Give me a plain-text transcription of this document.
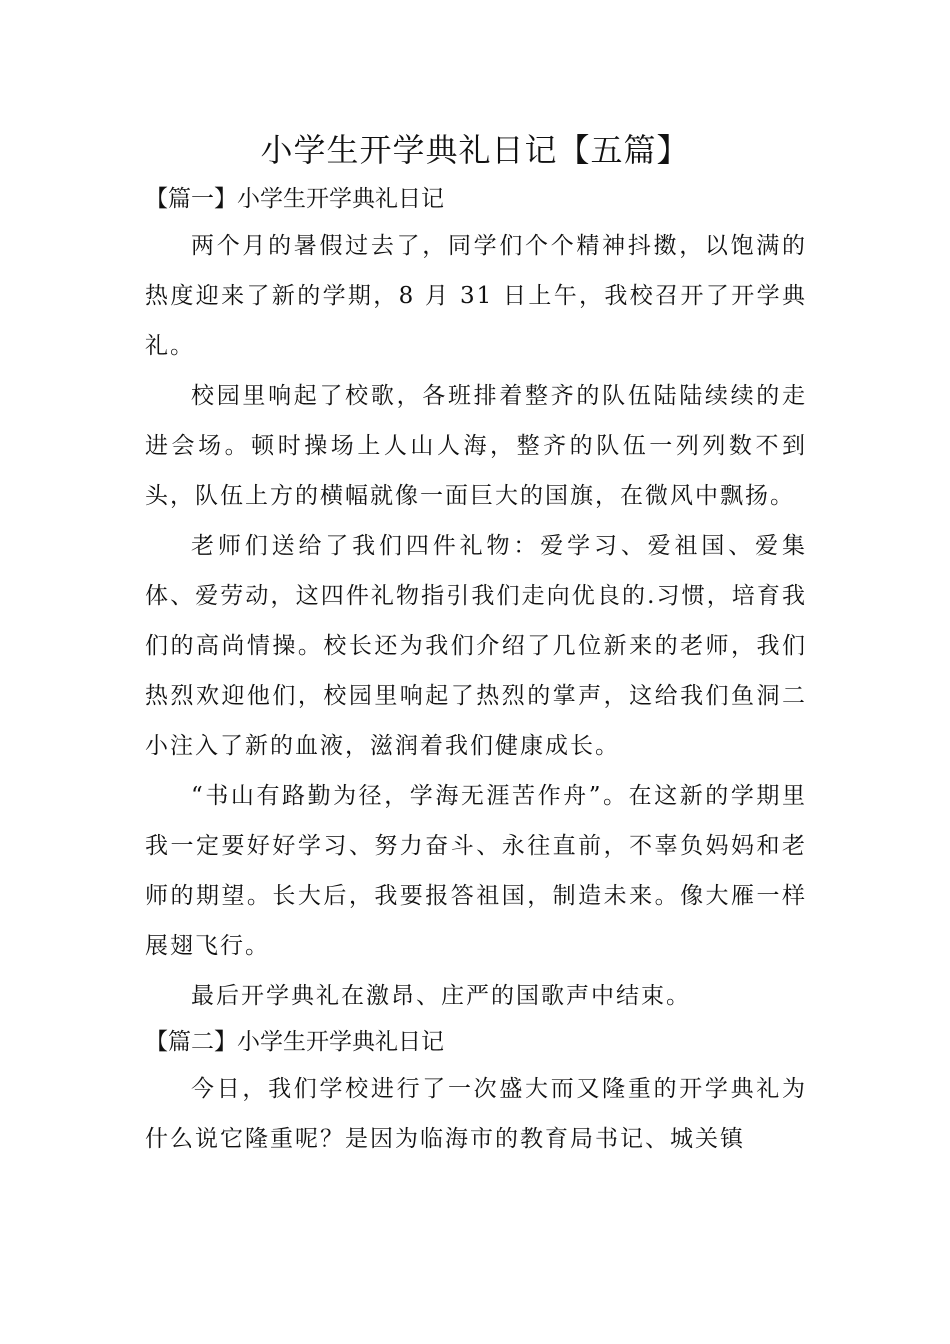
小学生开学典礼日记【五篇】
【篇一】小学生开学典礼日记

两个月的暑假过去了，同学们个个精神抖擞，以饱满的热度迎来了新的学期，8 月 31 日上午，我校召开了开学典礼。

校园里响起了校歌，各班排着整齐的队伍陆陆续续的走进会场。顿时操场上人山人海，整齐的队伍一列列数不到头，队伍上方的横幅就像一面巨大的国旗，在微风中飘扬。

老师们送给了我们四件礼物：爱学习、爱祖国、爱集体、爱劳动，这四件礼物指引我们走向优良的.习惯，培育我们的高尚情操。校长还为我们介绍了几位新来的老师，我们热烈欢迎他们，校园里响起了热烈的掌声，这给我们鱼洞二小注入了新的血液，滋润着我们健康成长。

“书山有路勤为径，学海无涯苦作舟”。在这新的学期里我一定要好好学习、努力奋斗、永往直前，不辜负妈妈和老师的期望。长大后，我要报答祖国，制造未来。像大雁一样展翅飞行。

最后开学典礼在激昂、庄严的国歌声中结束。

【篇二】小学生开学典礼日记

今日，我们学校进行了一次盛大而又隆重的开学典礼为什么说它隆重呢？是因为临海市的教育局书记、城关镇
